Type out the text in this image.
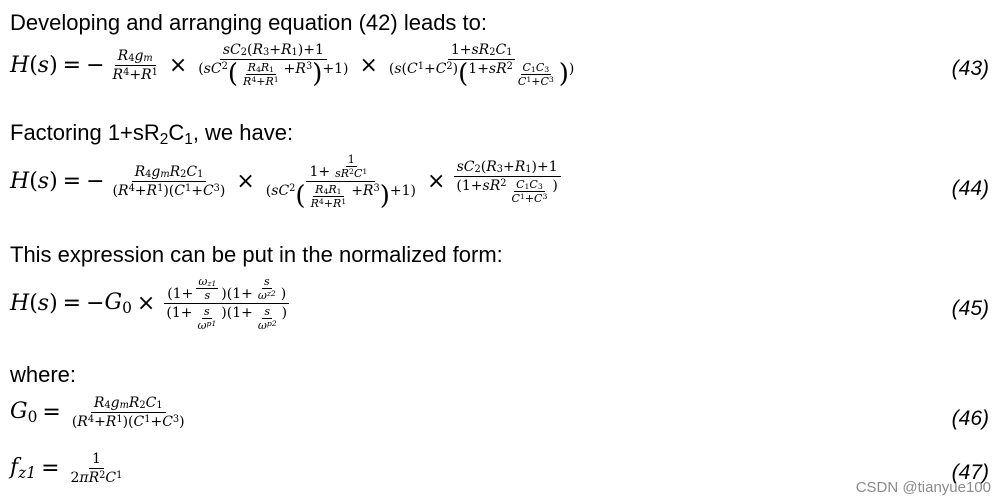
Developing and arranging equation (42) leads to:
H(s) = − $\frac{\text{R 4 g m}}{R 4 + R 1} \times \frac{sC 2 ( R 3 + R 1 )+1}{( sC 2 ( \frac{R 4 R 1}{R 4 + R 1} + R 3 ) +1)} \times \frac{1+ sR 2 C 1}{( s ( C 1 + C 2 ) ( 1+ sR 2 \frac{C 1 C 3}{C 1 + C 3} ) )}$	(43)
Factoring $1+sR_2C_1$, we have:
H(s) = − $\frac{\text{R 4 g m R 2 C 1}}{( R 4 + R 1 )( C 1 + C 3 )} \times \frac{1+ \frac{1}{sR 2 C 1}}{( sC 2 ( \frac{R 4 R 1}{R 4 + R 1} + R 3 ) +1)} \times \frac{sC 2 ( R 3 + R 1 )+1}{(1+ sR 2 \frac{C 1 C 3}{C 1 + C 3} )}$	(44)
This expression can be put in the normalized form:
H(s) = − $G_0 \times \frac{(1+ \frac{\text{ω z1}}{s} )(1+ \frac{s}{\text{ω z2}} )}{(1+ \frac{s}{\text{ω p1}} )(1+ \frac{s}{\text{ω p2}} )}$	(45)
where:
$G_0 = \frac{\text{R 4 g m R 2 C 1}}{( R 4 + R 1 )( C 1 + C 3 )}$	(46)
$f_{z1} = \frac{1}{2 \pi R 2 C 1}$	(47)
CSDN @tianyue100
